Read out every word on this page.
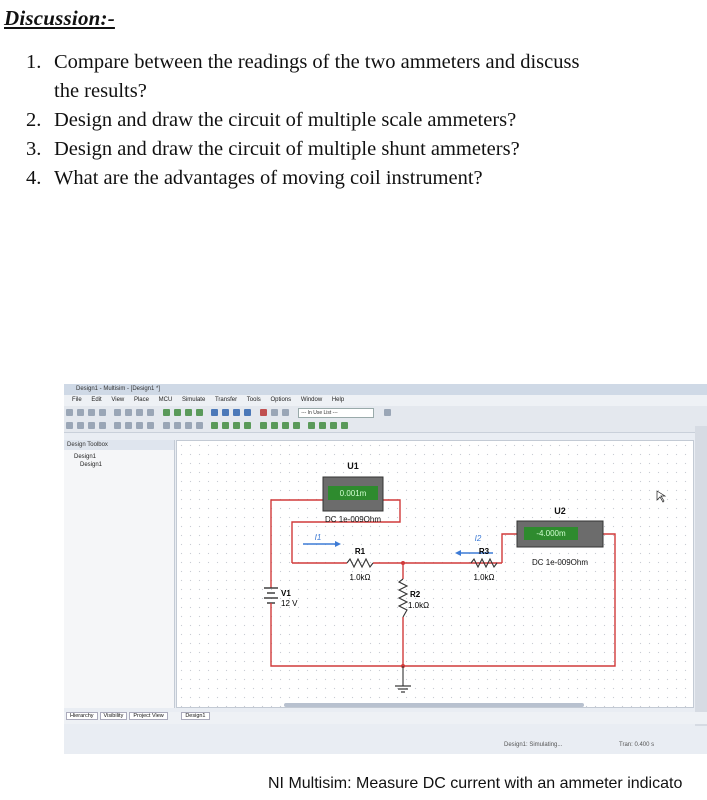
Discussion:-
1. Compare between the readings of the two ammeters and discuss
the results?
2. Design and draw the circuit of multiple scale ammeters?
3. Design and draw the circuit of multiple shunt ammeters?
4. What are the advantages of moving coil instrument?
Design1 - Multisim - [Design1 *]
File Edit View Place MCU Simulate Transfer Tools Options Window Help

--- In Use List ---

Design Toolbox
Design1
Design1
0.001m
U1
DC 1e-009Ohm
-4.000m
U2
DC 1e-009Ohm
I1	I2
R1
1.0kΩ
R3
1.0kΩ
R2
1.0kΩ
V1
12 V
Hierarchy Visibility Project View	Design1
Design1: Simulating...	Tran: 0.400 s
NI Multisim: Measure DC current with an ammeter indicato
